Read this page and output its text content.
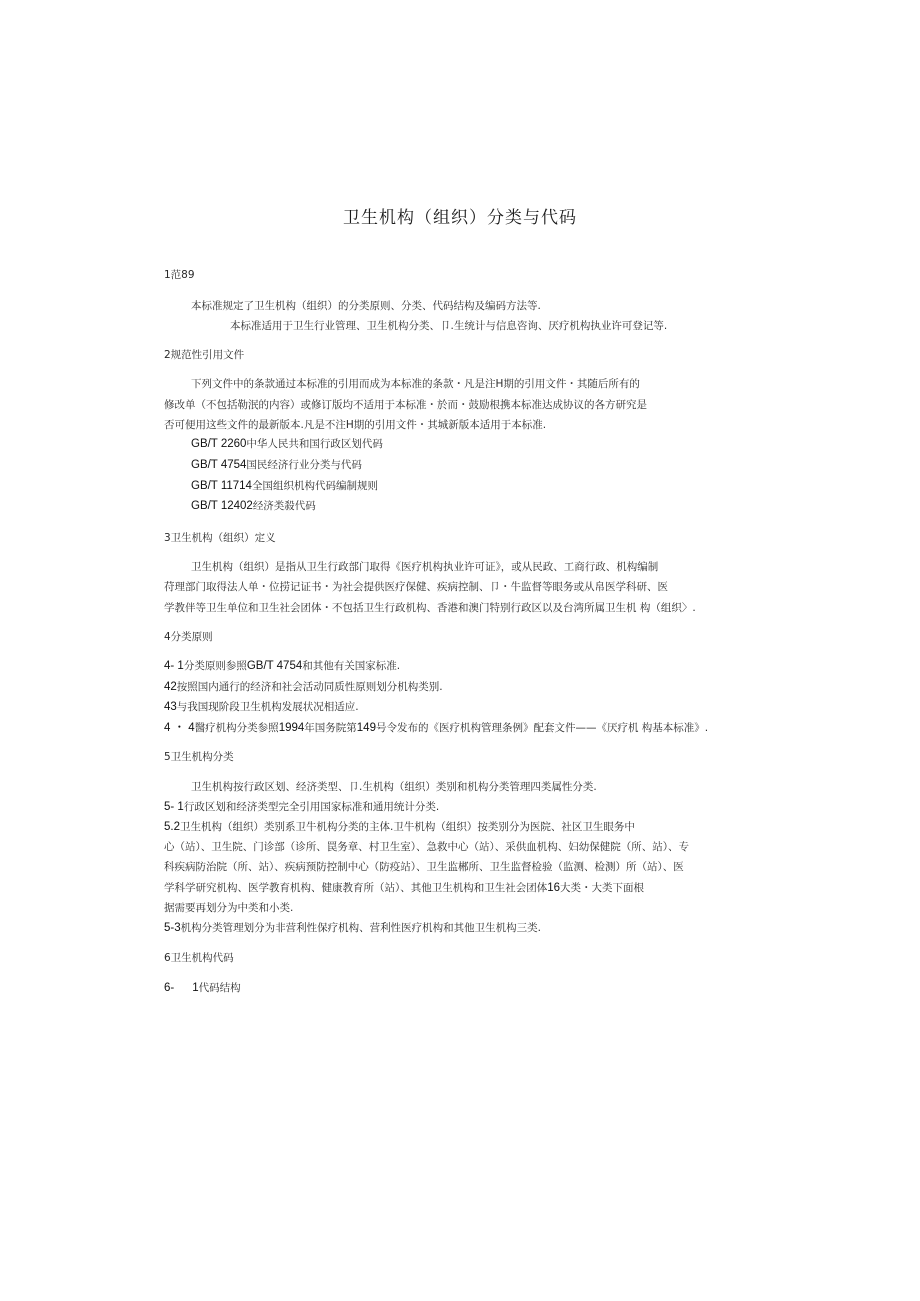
卫生机构（组织）分类与代码
1范89
本标准规定了卫生机构（组织）的分类原则、分类、代码结构及编码方法等.
本标准适用于卫生行业管理、卫生机构分类、卩.生统计与信息咨询、厌疗机构执业许可登记等.
2规范性引用文件
下列文件中的条款通过本标准的引用而成为本标准的条款・凡是注H期的引用文件・其随后所有的
修改单（不包括勒泯的内容）或修订版均不适用于本标准・於而・鼓励根携本标准达成协议的各方研究是
否可便用这些文件的最新版本.凡是不注H期的引用文件・其城新版本适用于本标准.
GB/T 2260中华人民共和国行政区划代码
GB/T 4754国民经济行业分类与代码
GB/T 11714全国组织机构代码编制规则
GB/T 12402经济类殺代码
3卫生机构（组织）定义
卫生机构（组织）是指从卫生行政部门取得《医疗机构执业许可证》，或从民政、工商行政、机构编制
苻理部门取得法人单・位捞记证书・为社会提供医疗保健、疾病控制、卩・牛监督等眼务或从帛医学科研、医
学教伴等卫生单位和卫生社会团体・不包括卫生行政机构、香港和澳门特别行政区以及台湾所属卫生机 构（组织〉.
4分类原则
4- 1分类原则参照GB/T 4754和其他有关国家标准.
42按照国内通行的经济和社会活动同质性原则划分机构类别.
43与我国现阶段卫生机构发展状况相适应.
4 ・ 4醫疗机构分类参照1994年国务院第149号令发布的《医疗机构管理条例》配套文件——《厌疗机 构基本标准》.
5卫生机构分类
卫生机构按行政区划、经济类型、卩.生机构（组织）类别和机构分类管理四类属性分类.
5- 1行政区划和经济类型完全引用国家标准和通用统计分类.
5.2卫生机构（组织）类别系卫牛机构分类的主体.卫牛机构（组织）按类别分为医院、社区卫生眼务中
心（站）、卫生院、门诊部（诊所、罠务章、村卫生室）、急救中心（站）、采供血机构、妇幼保健院（所、站）、专
科疾病防治院（所、站）、疾病预防控制中心（防疫站）、卫生监郴所、卫生监督检验（监测、检测）所（站）、医
学科学研究机构、医学教育机构、健康教育所（站）、其他卫生机构和卫生社会团体16大类・大类下面根
据需要再划分为中类和小类.
5-3机构分类管理划分为非营利性保疗机构、营利性医疗机构和其他卫生机构三类.
6卫生机构代码
6- 1代码结构
